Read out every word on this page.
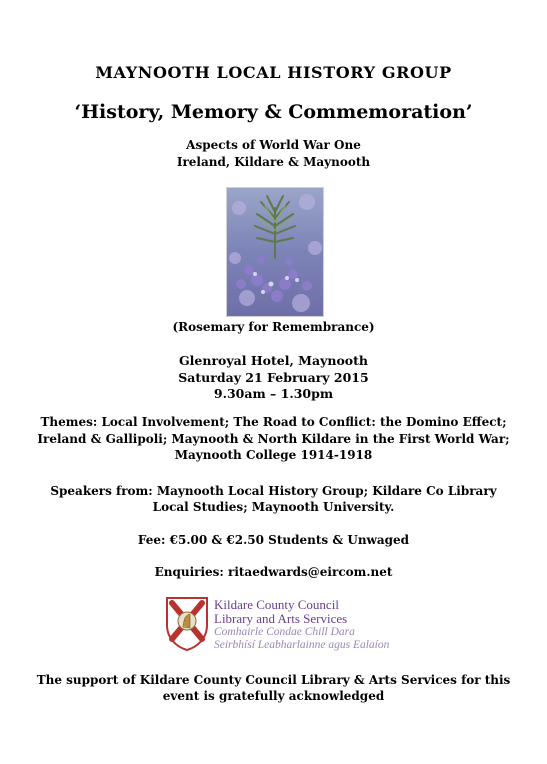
MAYNOOTH LOCAL HISTORY GROUP
‘History, Memory & Commemoration’
Aspects of World War One
Ireland, Kildare & Maynooth
(Rosemary for Remembrance)
Glenroyal Hotel, Maynooth
Saturday 21 February 2015
9.30am – 1.30pm
Themes: Local Involvement; The Road to Conflict: the Domino Effect;
Ireland & Gallipoli; Maynooth & North Kildare in the First World War;
Maynooth College 1914-1918
Speakers from: Maynooth Local History Group; Kildare Co Library
Local Studies; Maynooth University.
Fee: €5.00 & €2.50 Students & Unwaged
Enquiries: ritaedwards@eircom.net
Kildare County Council
Library and Arts Services
Comhairle Condae Chill Dara
Seirbhísí Leabharlainne agus Ealaíon
The support of Kildare County Council Library & Arts Services for this
event is gratefully acknowledged
